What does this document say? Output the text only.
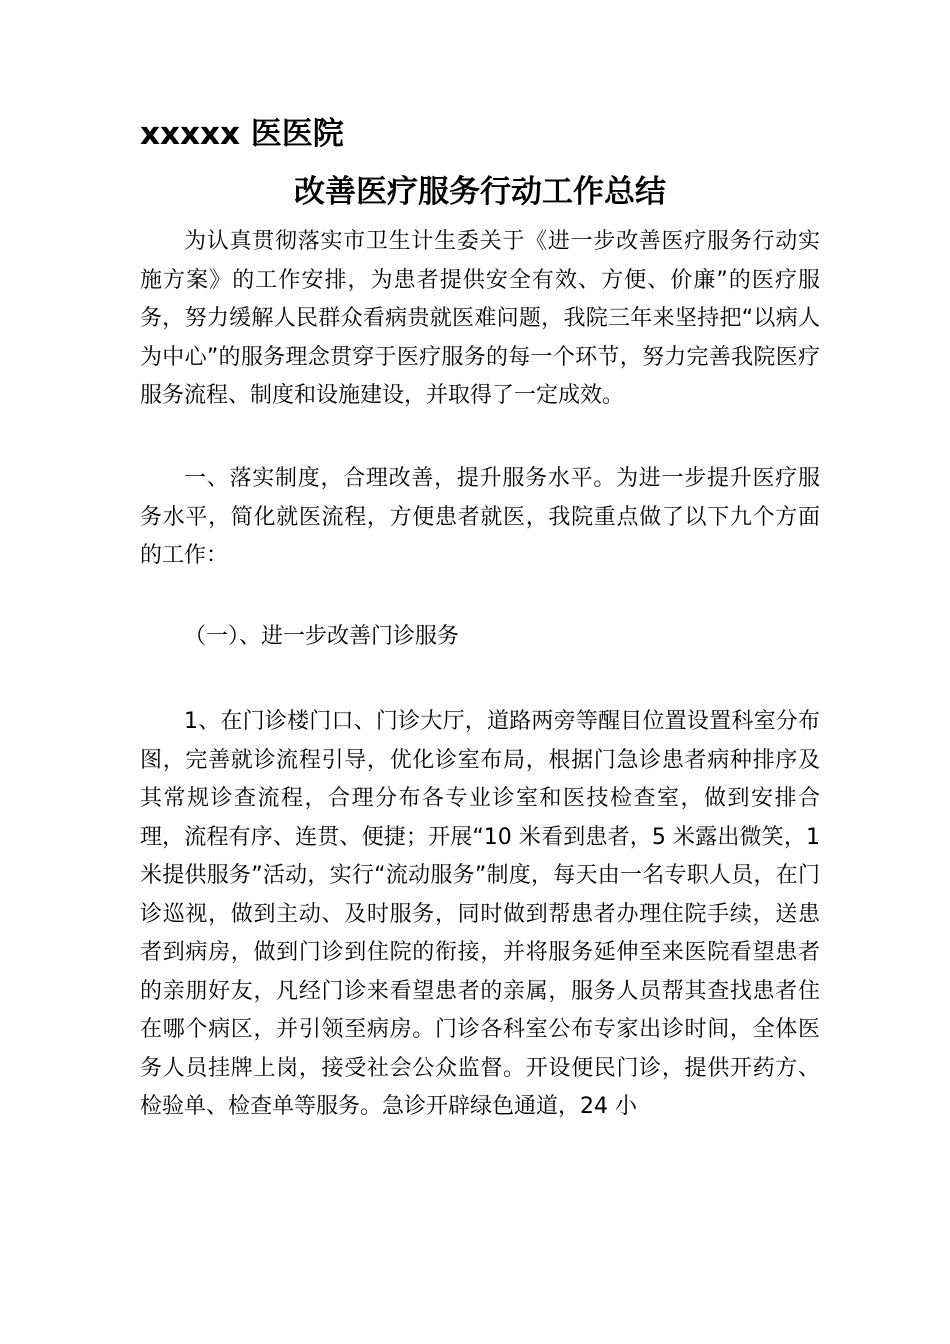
xxxxx 医医院
改善医疗服务行动工作总结

为认真贯彻落实市卫生计生委关于《进一步改善医疗服务行动实施方案》的工作安排，为患者提供安全有效、方便、价廉”的医疗服务，努力缓解人民群众看病贵就医难问题，我院三年来坚持把“以病人为中心”的服务理念贯穿于医疗服务的每一个环节，努力完善我院医疗服务流程、制度和设施建设，并取得了一定成效。

一、落实制度，合理改善，提升服务水平。为进一步提升医疗服务水平，简化就医流程，方便患者就医，我院重点做了以下九个方面的工作：

（一）、进一步改善门诊服务

1、在门诊楼门口、门诊大厅，道路两旁等醒目位置设置科室分布图，完善就诊流程引导，优化诊室布局，根据门急诊患者病种排序及其常规诊查流程，合理分布各专业诊室和医技检查室，做到安排合理，流程有序、连贯、便捷；开展“10 米看到患者，5 米露出微笑，1 米提供服务”活动，实行“流动服务”制度，每天由一名专职人员，在门诊巡视，做到主动、及时服务，同时做到帮患者办理住院手续，送患者到病房，做到门诊到住院的衔接，并将服务延伸至来医院看望患者的亲朋好友，凡经门诊来看望患者的亲属，服务人员帮其查找患者住在哪个病区，并引领至病房。门诊各科室公布专家出诊时间，全体医务人员挂牌上岗，接受社会公众监督。开设便民门诊，提供开药方、检验单、检查单等服务。急诊开辟绿色通道，24 小
